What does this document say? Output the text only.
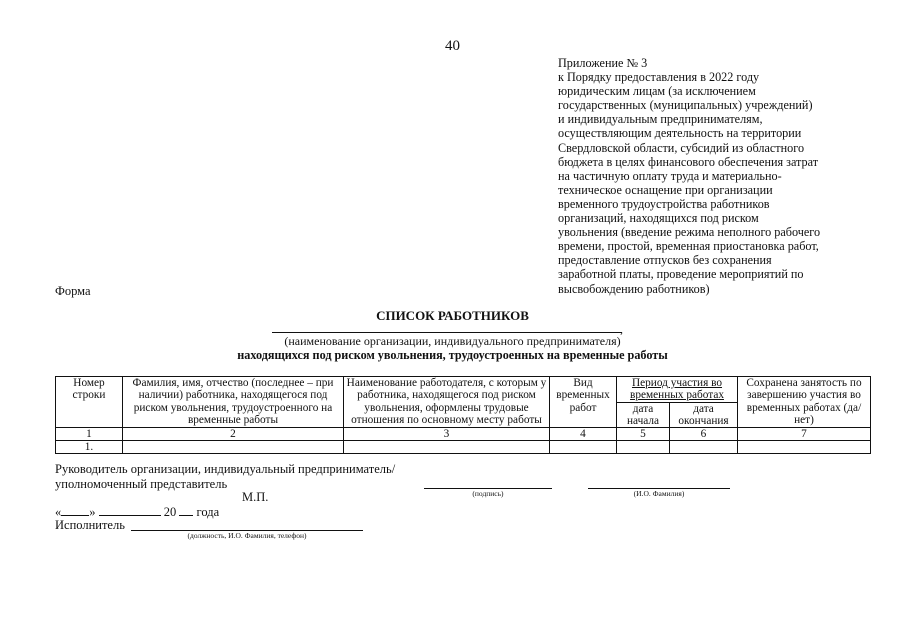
40
Приложение № 3
к Порядку предоставления в 2022 году
юридическим лицам (за исключением
государственных (муниципальных) учреждений)
и индивидуальным предпринимателям,
осуществляющим деятельность на территории
Свердловской области, субсидий из областного
бюджета в целях финансового обеспечения затрат
на частичную оплату труда и материально-
техническое оснащение при организации
временного трудоустройства работников
организаций, находящихся под риском
увольнения (введение режима неполного рабочего
времени, простой, временная приостановка работ,
предоставление отпусков без сохранения
заработной платы, проведение мероприятий по
высвобождению работников)
Форма
СПИСОК РАБОТНИКОВ
,
(наименование организации, индивидуального предпринимателя)
находящихся под риском увольнения, трудоустроенных на временные работы
Номер строки	Фамилия, имя, отчество (последнее – при наличии) работника, находящегося под риском увольнения, трудоустроенного на временные работы	Наименование работодателя, с которым у работника, находящегося под риском увольнения, оформлены трудовые отношения по основному месту работы	Вид временных работ	Период участия во временных работах		Сохранена занятость по завершению участия во временных работах (да/нет)
				дата начала	дата окончания	
1	2	3	4	5	6	7
1.						
Руководитель организации, индивидуальный предприниматель/
уполномоченный представитель
(подпись)	(И.О. Фамилия)
М.П.
« »	20 года
Исполнитель
(должность, И.О. Фамилия, телефон)
